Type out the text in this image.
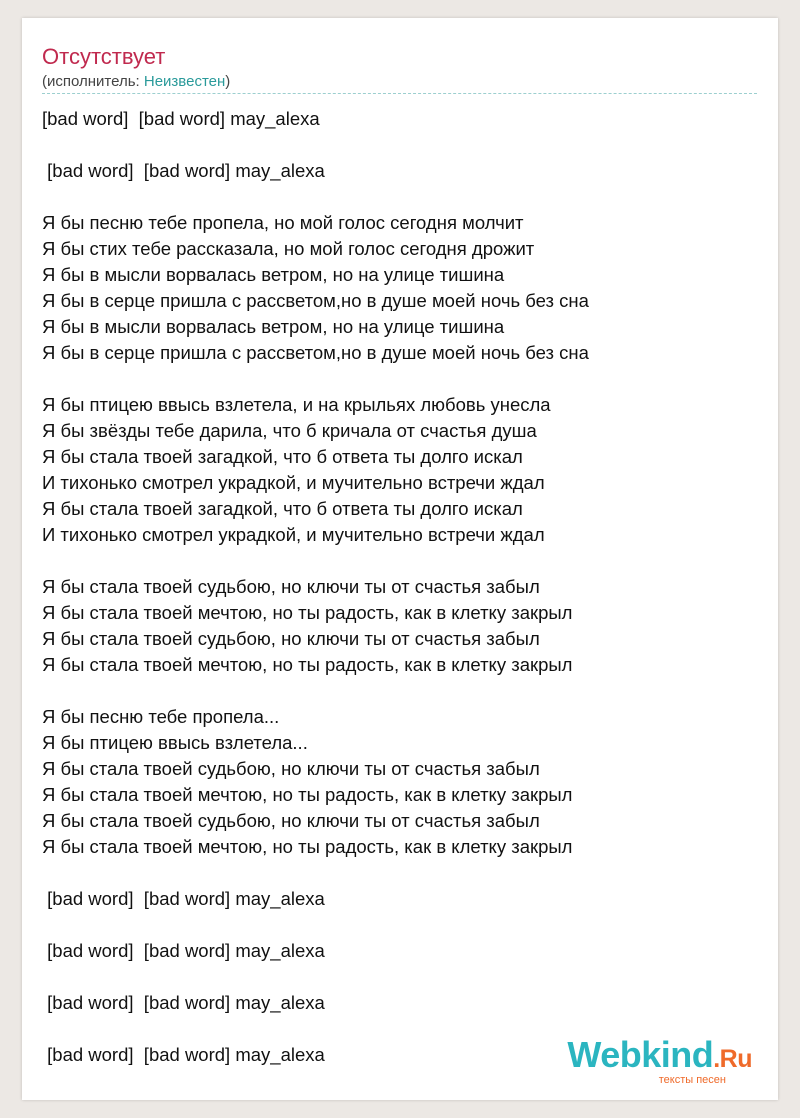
Отсутствует
(исполнитель: Неизвестен)
[bad word]  [bad word] may_alexa
[bad word]  [bad word] may_alexa
Я бы песню тебе пропела, но мой голос сегодня молчит
Я бы стих тебе рассказала, но мой голос сегодня дрожит
Я бы в мысли ворвалась ветром, но на улице тишина
Я бы в серце пришла с рассветом,но в душе моей ночь без сна
Я бы в мысли ворвалась ветром, но на улице тишина
Я бы в серце пришла с рассветом,но в душе моей ночь без сна
Я бы птицею ввысь взлетела, и на крыльях любовь унесла
Я бы звёзды тебе дарила, что б кричала от счастья душа
Я бы стала твоей загадкой, что б ответа ты долго искал
И тихонько смотрел украдкой, и мучительно встречи ждал
Я бы стала твоей загадкой, что б ответа ты долго искал
И тихонько смотрел украдкой, и мучительно встречи ждал
Я бы стала твоей судьбою, но ключи ты от счастья забыл
Я бы стала твоей мечтою, но ты радость, как в клетку закрыл
Я бы стала твоей судьбою, но ключи ты от счастья забыл
Я бы стала твоей мечтою, но ты радость, как в клетку закрыл
Я бы песню тебе пропела...
Я бы птицею ввысь взлетела...
Я бы стала твоей судьбою, но ключи ты от счастья забыл
Я бы стала твоей мечтою, но ты радость, как в клетку закрыл
Я бы стала твоей судьбою, но ключи ты от счастья забыл
Я бы стала твоей мечтою, но ты радость, как в клетку закрыл
[bad word]  [bad word] may_alexa
[bad word]  [bad word] may_alexa
[bad word]  [bad word] may_alexa
[bad word]  [bad word] may_alexa	Webkind.Ru
тексты песен
